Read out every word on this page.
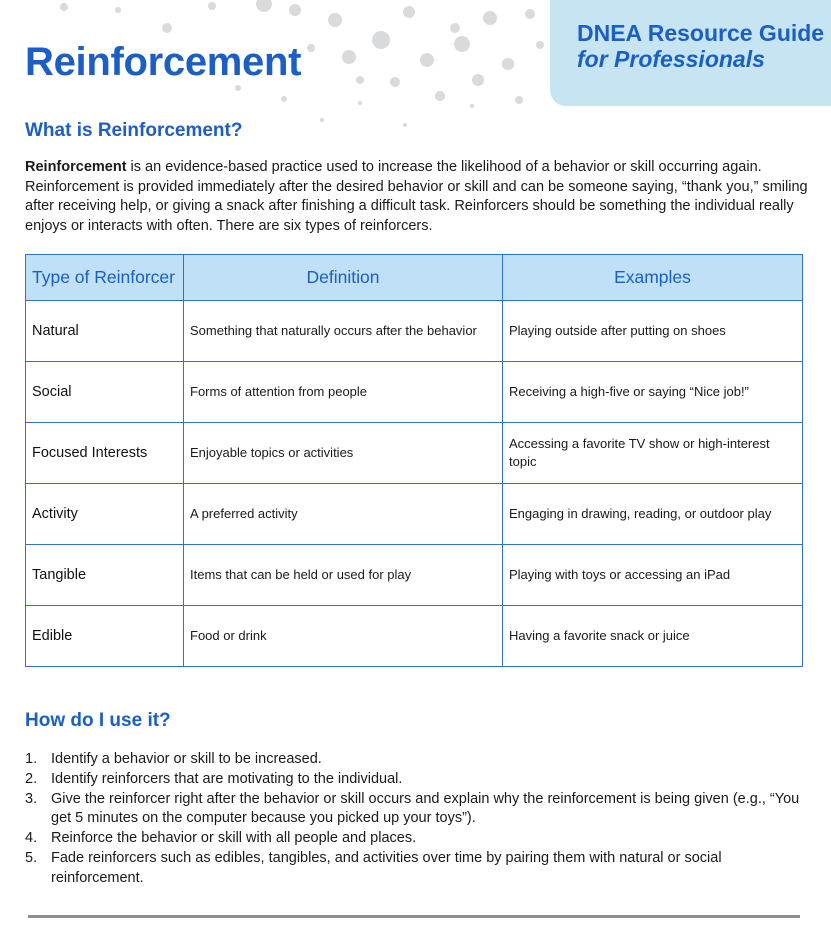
DNEA Resource Guide
for Professionals
Reinforcement
What is Reinforcement?

Reinforcement is an evidence-based practice used to increase the likelihood of a behavior or skill occurring again. Reinforcement is provided immediately after the desired behavior or skill and can be someone saying, “thank you,” smiling after receiving help, or giving a snack after finishing a difficult task. Reinforcers should be something the individual really enjoys or interacts with often. There are six types of reinforcers.

Type of Reinforcer	Definition	Examples
Natural	Something that naturally occurs after the behavior	Playing outside after putting on shoes
Social	Forms of attention from people	Receiving a high-five or saying “Nice job!”
Focused Interests	Enjoyable topics or activities	Accessing a favorite TV show or high-interest topic
Activity	A preferred activity	Engaging in drawing, reading, or outdoor play
Tangible	Items that can be held or used for play	Playing with toys or accessing an iPad
Edible	Food or drink	Having a favorite snack or juice
How do I use it?
1. Identify a behavior or skill to be increased.
2. Identify reinforcers that are motivating to the individual.
3. Give the reinforcer right after the behavior or skill occurs and explain why the reinforcement is being given (e.g., “You get 5 minutes on the computer because you picked up your toys”).
4. Reinforce the behavior or skill with all people and places.
5. Fade reinforcers such as edibles, tangibles, and activities over time by pairing them with natural or social reinforcement.
